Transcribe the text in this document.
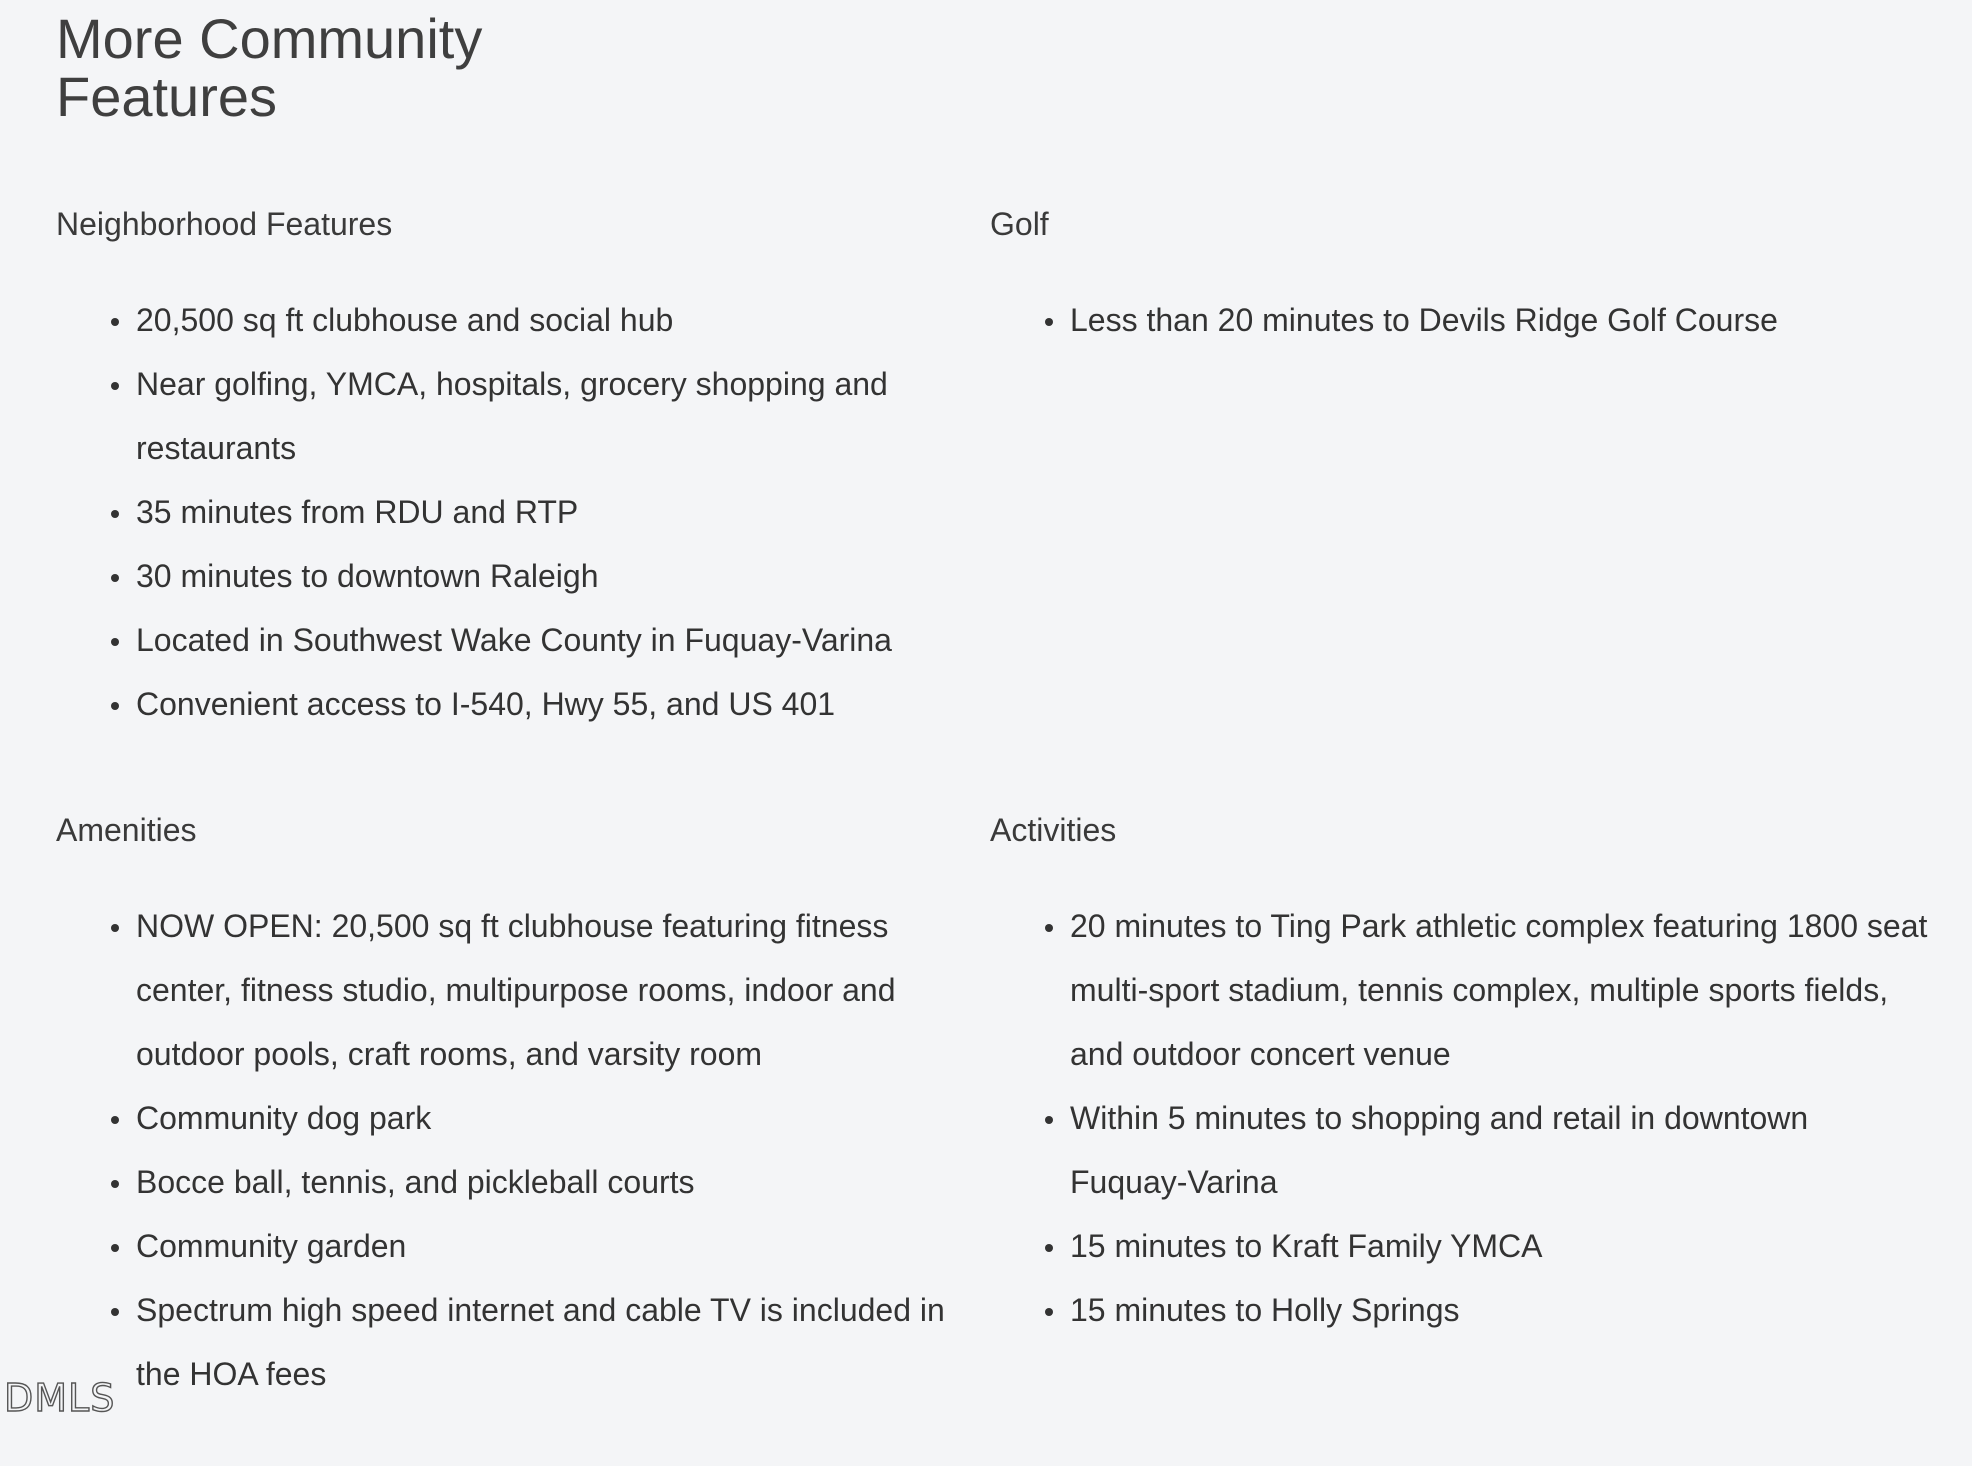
More Community Features
Neighborhood Features
20,500 sq ft clubhouse and social hub
Near golfing, YMCA, hospitals, grocery shopping and restaurants
35 minutes from RDU and RTP
30 minutes to downtown Raleigh
Located in Southwest Wake County in Fuquay-Varina
Convenient access to I-540, Hwy 55, and US 401
Golf
Less than 20 minutes to Devils Ridge Golf Course
Amenities
NOW OPEN: 20,500 sq ft clubhouse featuring fitness center, fitness studio, multipurpose rooms, indoor and outdoor pools, craft rooms, and varsity room
Community dog park
Bocce ball, tennis, and pickleball courts
Community garden
Spectrum high speed internet and cable TV is included in the HOA fees
Activities
20 minutes to Ting Park athletic complex featuring 1800 seat multi-sport stadium, tennis complex, multiple sports fields, and outdoor concert venue
Within 5 minutes to shopping and retail in downtown Fuquay-Varina
15 minutes to Kraft Family YMCA
15 minutes to Holly Springs
DMLS
